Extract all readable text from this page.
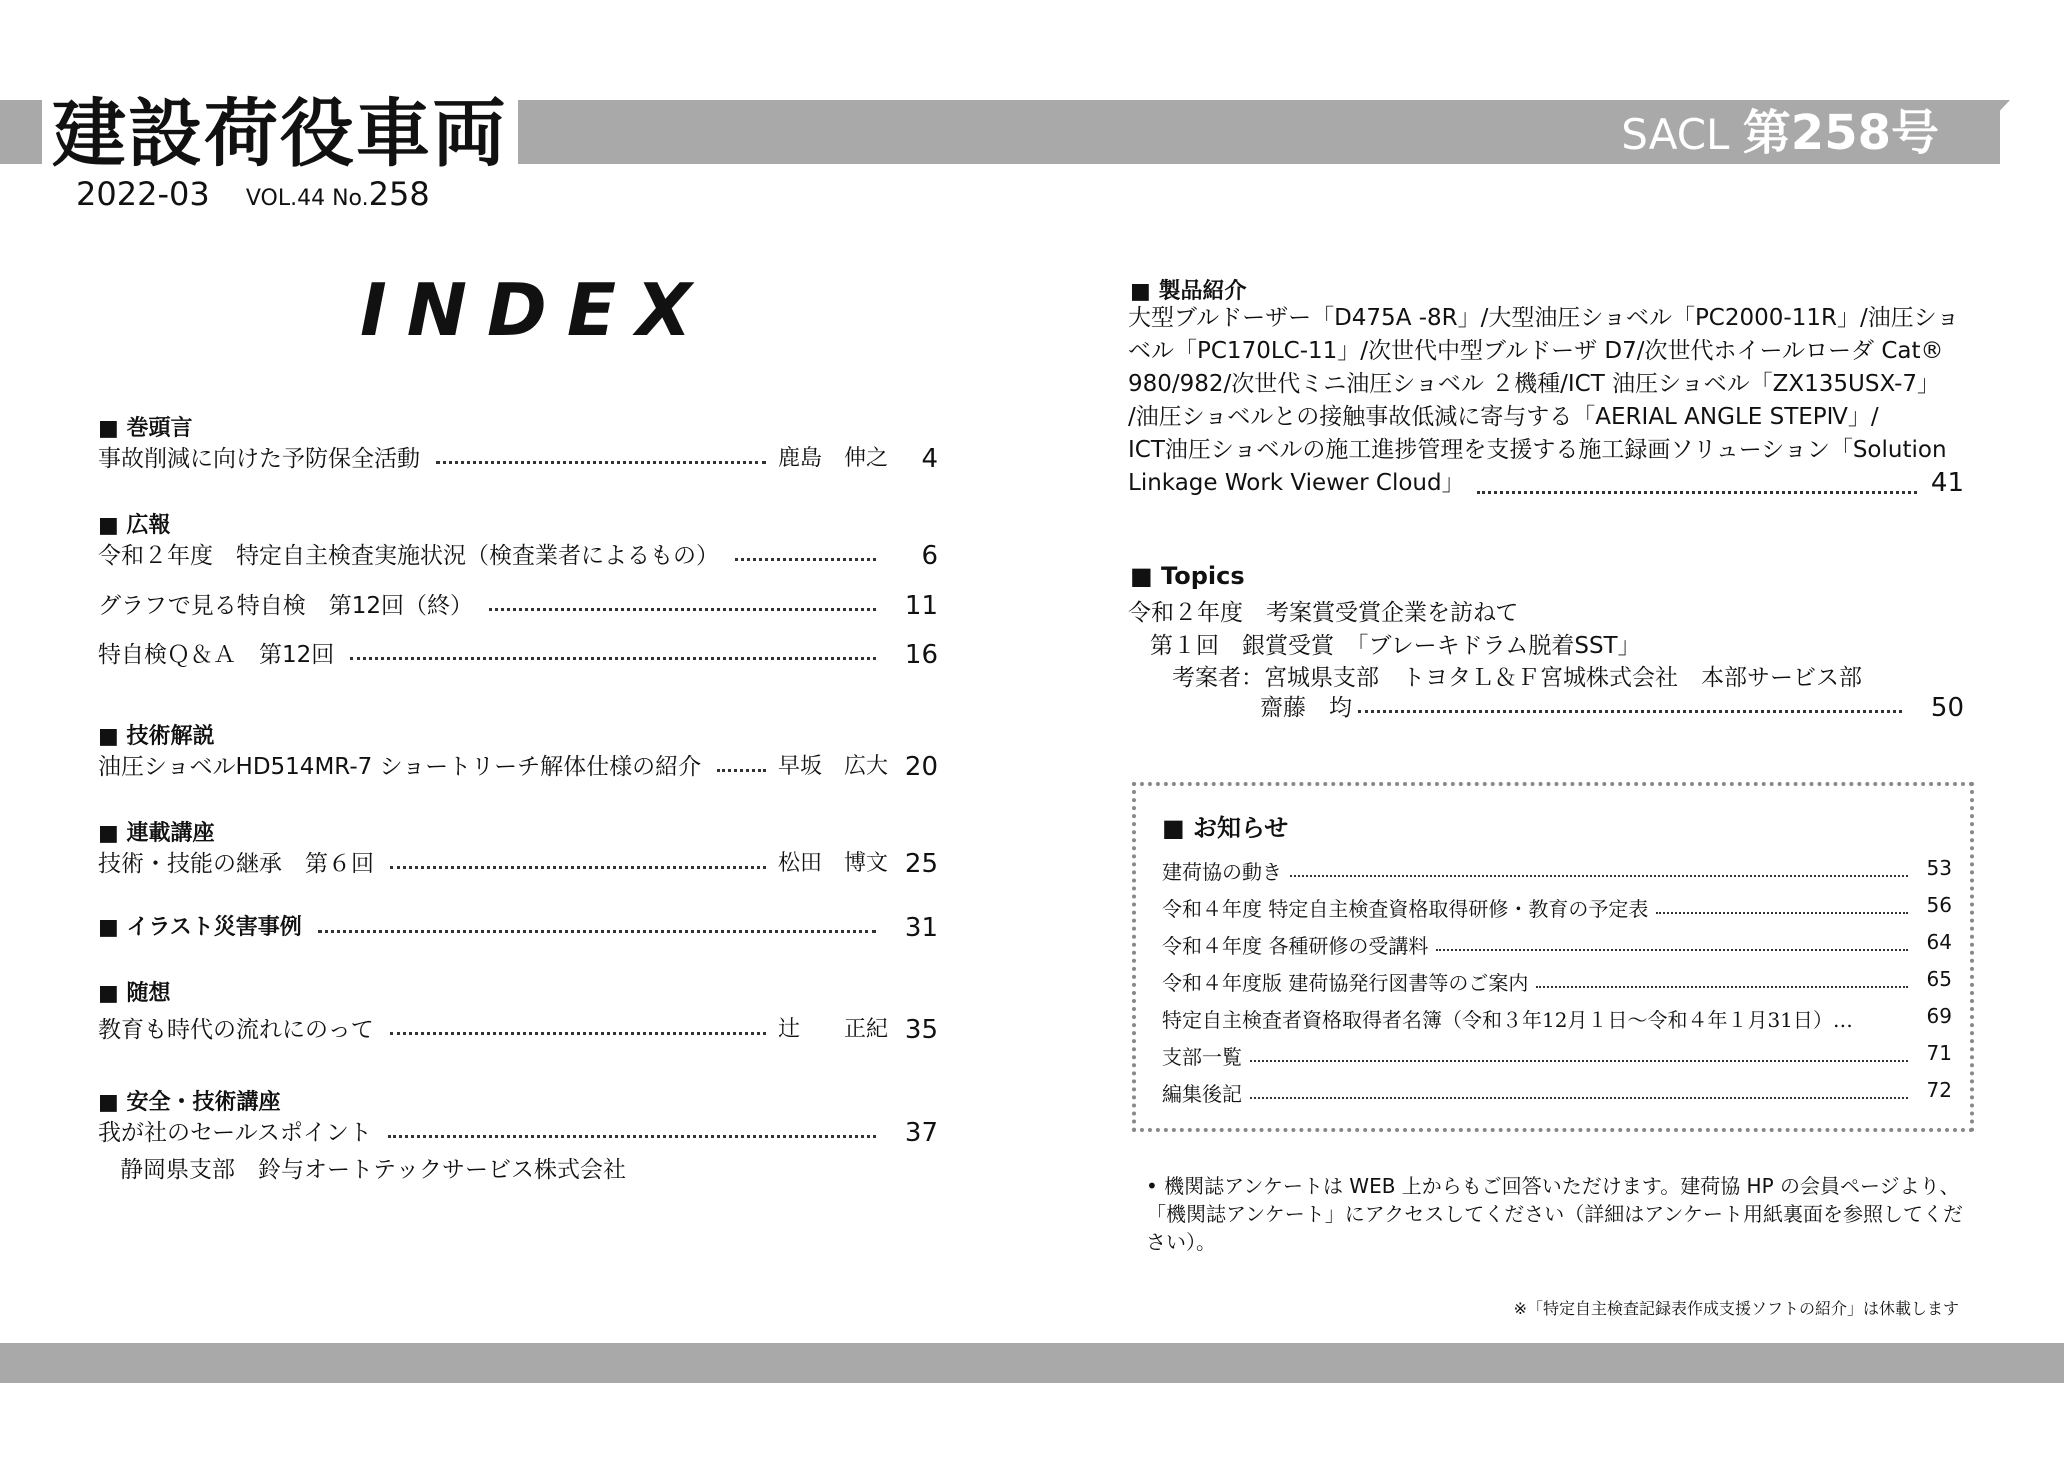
建設荷役車両	SACL 第258号
2022-03 VOL.44 No.258
INDEX
■ 巻頭言
事故削減に向けた予防保全活動	鹿島　伸之	4
■ 広報
令和２年度　特定自主検査実施状況（検査業者によるもの）	6
グラフで見る特自検　第12回（終）	11
特自検Ｑ＆Ａ　第12回	16
■ 技術解説
油圧ショベルHD514MR-7 ショートリーチ解体仕様の紹介	早坂　広大 20
■ 連載講座
技術・技能の継承　第６回	松田　博文 25
■ イラスト災害事例	31
■ 随想
教育も時代の流れにのって	辻　　正紀 35
■ 安全・技術講座
我が社のセールスポイント	37
静岡県支部　鈴与オートテックサービス株式会社
■ 製品紹介
大型ブルドーザー「D475A -8R」/大型油圧ショベル「PC2000-11R」/油圧ショ
ベル「PC170LC-11」/次世代中型ブルドーザ D7/次世代ホイールローダ Cat®
980/982/次世代ミニ油圧ショベル ２機種/ICT 油圧ショベル「ZX135USX-7」
/油圧ショベルとの接触事故低減に寄与する「AERIAL ANGLE STEPⅣ」/
ICT油圧ショベルの施工進捗管理を支援する施工録画ソリューション「Solution
Linkage Work Viewer Cloud」	41
■ Topics
令和２年度　考案賞受賞企業を訪ねて
第１回　銀賞受賞　「ブレーキドラム脱着SST」
考案者：宮城県支部　トヨタＬ＆Ｆ宮城株式会社　本部サービス部
齋藤　均	50
■ お知らせ
建荷協の動き	53
令和４年度 特定自主検査資格取得研修・教育の予定表	56
令和４年度 各種研修の受講料	64
令和４年度版 建荷協発行図書等のご案内	65
特定自主検査者資格取得者名簿（令和３年12月１日～令和４年１月31日）…	69
支部一覧	71
編集後記	72
• 機関誌アンケートは WEB 上からもご回答いただけます。建荷協 HP の会員ページより、「機関誌アンケート」にアクセスしてください（詳細はアンケート用紙裏面を参照してください）。
※「特定自主検査記録表作成支援ソフトの紹介」は休載します
